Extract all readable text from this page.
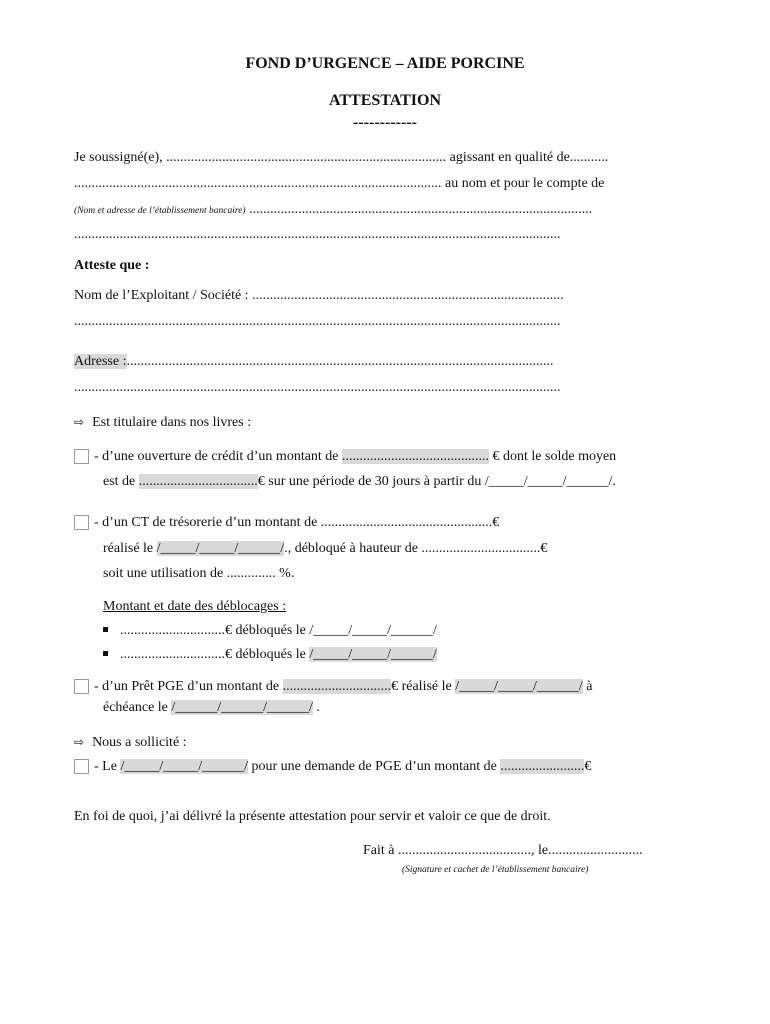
FOND D’URGENCE – AIDE PORCINE
ATTESTATION
------------
Je soussigné(e), ................................................................................ agissant en qualité de...........
......................................................................................................... au nom et pour le compte de
(Nom et adresse de l’établissement bancaire) ..................................................................................................
...........................................................................................................................................
Atteste que :
Nom de l’Exploitant / Société : .........................................................................................
...........................................................................................................................................
Adresse :..........................................................................................................................
...........................................................................................................................................
⇨ Est titulaire dans nos livres :
- d’une ouverture de crédit d’un montant de .......................................... € dont le solde moyen
est de ..................................€ sur une période de 30 jours à partir du /_____/_____/______/.
- d’un CT de trésorerie d’un montant de .................................................€
réalisé le /_____/_____/______/., débloqué à hauteur de ..................................€
soit une utilisation de .............. %.
Montant et date des déblocages :
..............................€ débloqués le /_____/_____/______/
..............................€ débloqués le /_____/_____/______/
- d’un Prêt PGE d’un montant de ...............................€ réalisé le /_____/_____/______/ à
échéance le /______/______/______/ .
⇨ Nous a sollicité :
- Le /_____/_____/______/ pour une demande de PGE d’un montant de ........................€
En foi de quoi, j’ai délivré la présente attestation pour servir et valoir ce que de droit.
Fait à ......................................, le...........................
(Signature et cachet de l’établissement bancaire)
